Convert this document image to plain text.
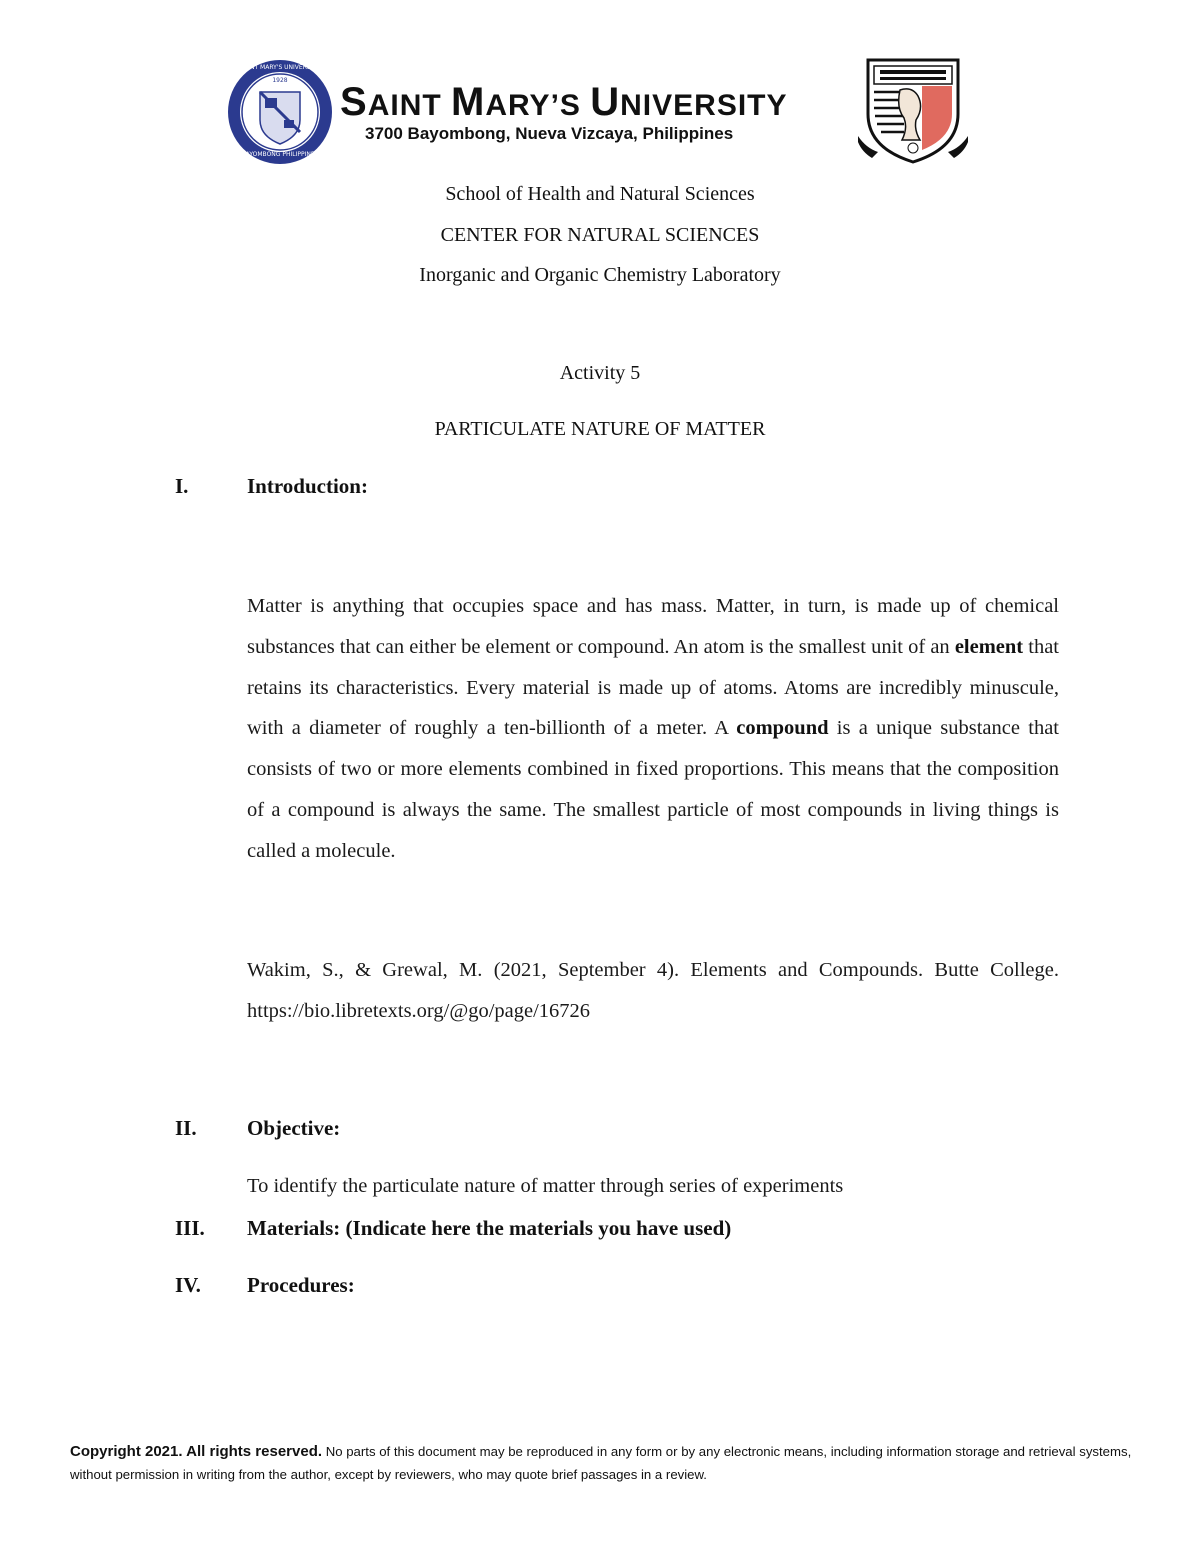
1928
BAYOMBONG PHILIPPINES
SAINT MARY'S UNIVERSITY
SAINT MARY’S UNIVERSITY
3700 Bayombong, Nueva Vizcaya, Philippines
School of Health and Natural Sciences
CENTER FOR NATURAL SCIENCES
Inorganic and Organic Chemistry Laboratory
Activity 5
PARTICULATE NATURE OF MATTER
I.	Introduction:
Matter is anything that occupies space and has mass. Matter, in turn, is made up of chemical substances that can either be element or compound. An atom is the smallest unit of an element that retains its characteristics. Every material is made up of atoms. Atoms are incredibly minuscule, with a diameter of roughly a ten-billionth of a meter. A compound is a unique substance that consists of two or more elements combined in fixed proportions. This means that the composition of a compound is always the same. The smallest particle of most compounds in living things is called a molecule.
Wakim, S., & Grewal, M. (2021, September 4). Elements and Compounds. Butte College. https://bio.libretexts.org/@go/page/16726
II. Objective:
To identify the particulate nature of matter through series of experiments
III. Materials: (Indicate here the materials you have used)
IV. Procedures:
Copyright 2021. All rights reserved. No parts of this document may be reproduced in any form or by any electronic means, including information storage and retrieval systems, without permission in writing from the author, except by reviewers, who may quote brief passages in a review.
